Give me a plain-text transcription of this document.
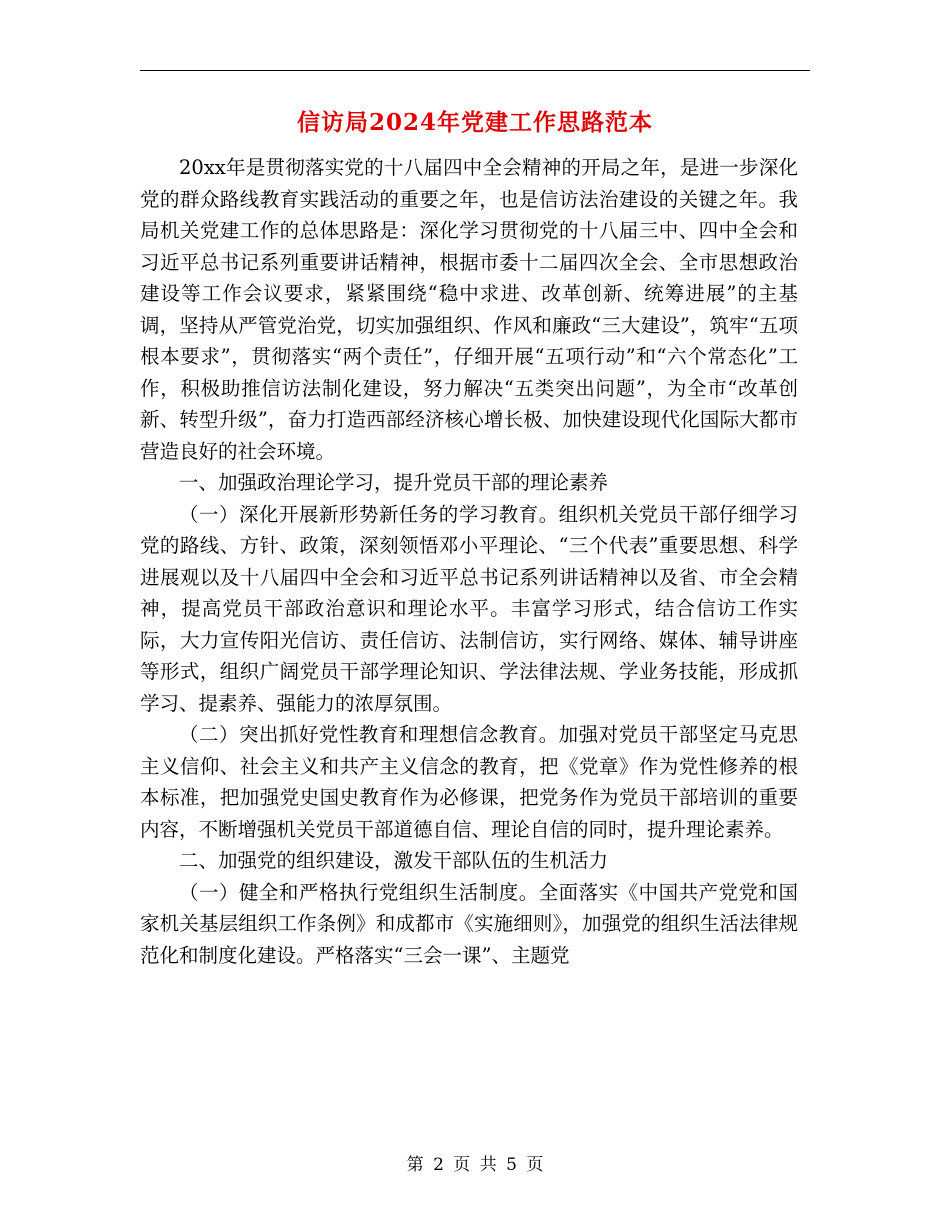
信访局2024年党建工作思路范本

20xx年是贯彻落实党的十八届四中全会精神的开局之年，是进一步深化党的群众路线教育实践活动的重要之年，也是信访法治建设的关键之年。我局机关党建工作的总体思路是：深化学习贯彻党的十八届三中、四中全会和习近平总书记系列重要讲话精神，根据市委十二届四次全会、全市思想政治建设等工作会议要求，紧紧围绕“稳中求进、改革创新、统筹进展”的主基调，坚持从严管党治党，切实加强组织、作风和廉政“三大建设”，筑牢“五项根本要求”，贯彻落实“两个责任”，仔细开展“五项行动”和“六个常态化”工作，积极助推信访法制化建设，努力解决“五类突出问题”，为全市“改革创新、转型升级”，奋力打造西部经济核心增长极、加快建设现代化国际大都市营造良好的社会环境。

一、加强政治理论学习，提升党员干部的理论素养

（一）深化开展新形势新任务的学习教育。组织机关党员干部仔细学习党的路线、方针、政策，深刻领悟邓小平理论、“三个代表”重要思想、科学进展观以及十八届四中全会和习近平总书记系列讲话精神以及省、市全会精神，提高党员干部政治意识和理论水平。丰富学习形式，结合信访工作实际，大力宣传阳光信访、责任信访、法制信访，实行网络、媒体、辅导讲座等形式，组织广阔党员干部学理论知识、学法律法规、学业务技能，形成抓学习、提素养、强能力的浓厚氛围。

（二）突出抓好党性教育和理想信念教育。加强对党员干部坚定马克思主义信仰、社会主义和共产主义信念的教育，把《党章》作为党性修养的根本标准，把加强党史国史教育作为必修课，把党务作为党员干部培训的重要内容，不断增强机关党员干部道德自信、理论自信的同时，提升理论素养。

二、加强党的组织建设，激发干部队伍的生机活力

（一）健全和严格执行党组织生活制度。全面落实《中国共产党党和国家机关基层组织工作条例》和成都市《实施细则》，加强党的组织生活法律规范化和制度化建设。严格落实“三会一课”、主题党

第 2 页 共 5 页
